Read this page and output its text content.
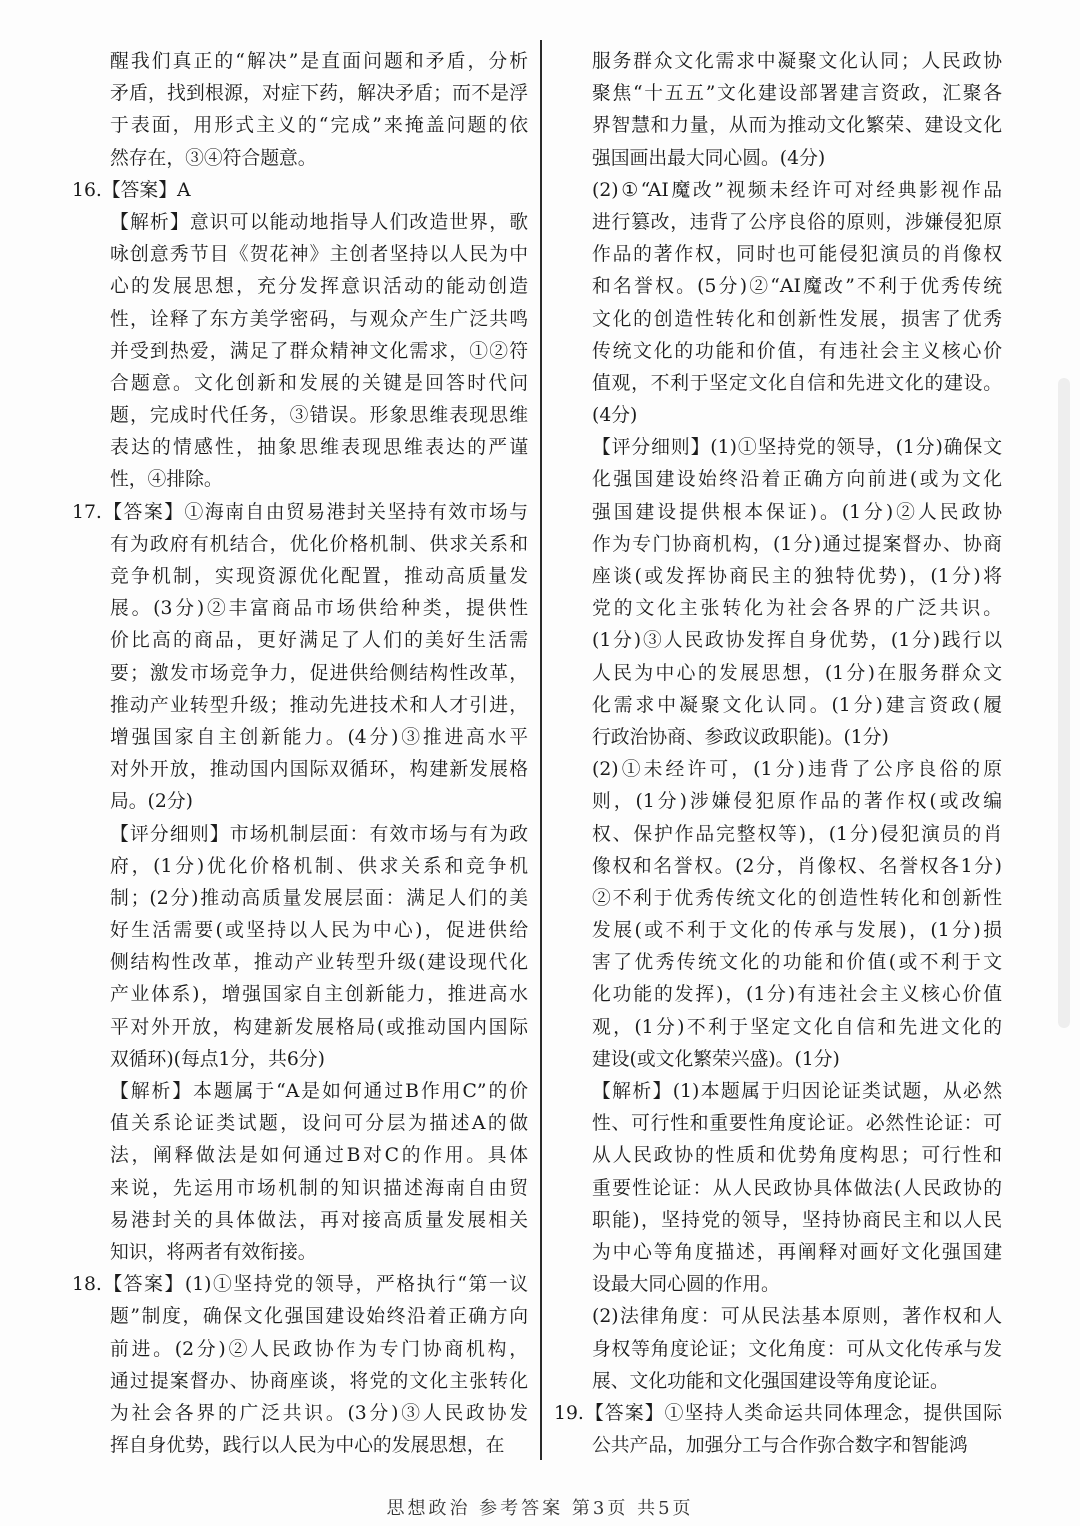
醒我们真正的“解决”是直面问题和矛盾，分析
矛盾，找到根源，对症下药，解决矛盾；而不是浮
于表面，用形式主义的“完成”来掩盖问题的依
然存在，③④符合题意。
16.【答案】A
【解析】意识可以能动地指导人们改造世界，歌
咏创意秀节目《贺花神》主创者坚持以人民为中
心的发展思想，充分发挥意识活动的能动创造
性，诠释了东方美学密码，与观众产生广泛共鸣
并受到热爱，满足了群众精神文化需求，①②符
合题意。文化创新和发展的关键是回答时代问
题，完成时代任务，③错误。形象思维表现思维
表达的情感性，抽象思维表现思维表达的严谨
性，④排除。
17.【答案】①海南自由贸易港封关坚持有效市场与
有为政府有机结合，优化价格机制、供求关系和
竞争机制，实现资源优化配置，推动高质量发
展。(3分)②丰富商品市场供给种类，提供性
价比高的商品，更好满足了人们的美好生活需
要；激发市场竞争力，促进供给侧结构性改革，
推动产业转型升级；推动先进技术和人才引进，
增强国家自主创新能力。(4分)③推进高水平
对外开放，推动国内国际双循环，构建新发展格
局。(2分)
【评分细则】市场机制层面：有效市场与有为政
府，(1分)优化价格机制、供求关系和竞争机
制；(2分)推动高质量发展层面：满足人们的美
好生活需要(或坚持以人民为中心)，促进供给
侧结构性改革，推动产业转型升级(建设现代化
产业体系)，增强国家自主创新能力，推进高水
平对外开放，构建新发展格局(或推动国内国际
双循环)(每点1分，共6分)
【解析】本题属于“A是如何通过B作用C”的价
值关系论证类试题，设问可分层为描述A的做
法，阐释做法是如何通过B对C的作用。具体
来说，先运用市场机制的知识描述海南自由贸
易港封关的具体做法，再对接高质量发展相关
知识，将两者有效衔接。
18.【答案】(1)①坚持党的领导，严格执行“第一议
题”制度，确保文化强国建设始终沿着正确方向
前进。(2分)②人民政协作为专门协商机构，
通过提案督办、协商座谈，将党的文化主张转化
为社会各界的广泛共识。(3分)③人民政协发
挥自身优势，践行以人民为中心的发展思想，在
服务群众文化需求中凝聚文化认同；人民政协
聚焦“十五五”文化建设部署建言资政，汇聚各
界智慧和力量，从而为推动文化繁荣、建设文化
强国画出最大同心圆。(4分)
(2)①“AI魔改”视频未经许可对经典影视作品
进行篡改，违背了公序良俗的原则，涉嫌侵犯原
作品的著作权，同时也可能侵犯演员的肖像权
和名誉权。(5分)②“AI魔改”不利于优秀传统
文化的创造性转化和创新性发展，损害了优秀
传统文化的功能和价值，有违社会主义核心价
值观，不利于坚定文化自信和先进文化的建设。
(4分)
【评分细则】(1)①坚持党的领导，(1分)确保文
化强国建设始终沿着正确方向前进(或为文化
强国建设提供根本保证)。(1分)②人民政协
作为专门协商机构，(1分)通过提案督办、协商
座谈(或发挥协商民主的独特优势)，(1分)将
党的文化主张转化为社会各界的广泛共识。
(1分)③人民政协发挥自身优势，(1分)践行以
人民为中心的发展思想，(1分)在服务群众文
化需求中凝聚文化认同。(1分)建言资政(履
行政治协商、参政议政职能)。(1分)
(2)①未经许可，(1分)违背了公序良俗的原
则，(1分)涉嫌侵犯原作品的著作权(或改编
权、保护作品完整权等)，(1分)侵犯演员的肖
像权和名誉权。(2分，肖像权、名誉权各1分)
②不利于优秀传统文化的创造性转化和创新性
发展(或不利于文化的传承与发展)，(1分)损
害了优秀传统文化的功能和价值(或不利于文
化功能的发挥)，(1分)有违社会主义核心价值
观，(1分)不利于坚定文化自信和先进文化的
建设(或文化繁荣兴盛)。(1分)
【解析】(1)本题属于归因论证类试题，从必然
性、可行性和重要性角度论证。必然性论证：可
从人民政协的性质和优势角度构思；可行性和
重要性论证：从人民政协具体做法(人民政协的
职能)，坚持党的领导，坚持协商民主和以人民
为中心等角度描述，再阐释对画好文化强国建
设最大同心圆的作用。
(2)法律角度：可从民法基本原则，著作权和人
身权等角度论证；文化角度：可从文化传承与发
展、文化功能和文化强国建设等角度论证。
19.【答案】①坚持人类命运共同体理念，提供国际
公共产品，加强分工与合作弥合数字和智能鸿
思想政治 参考答案 第3页 共5页
